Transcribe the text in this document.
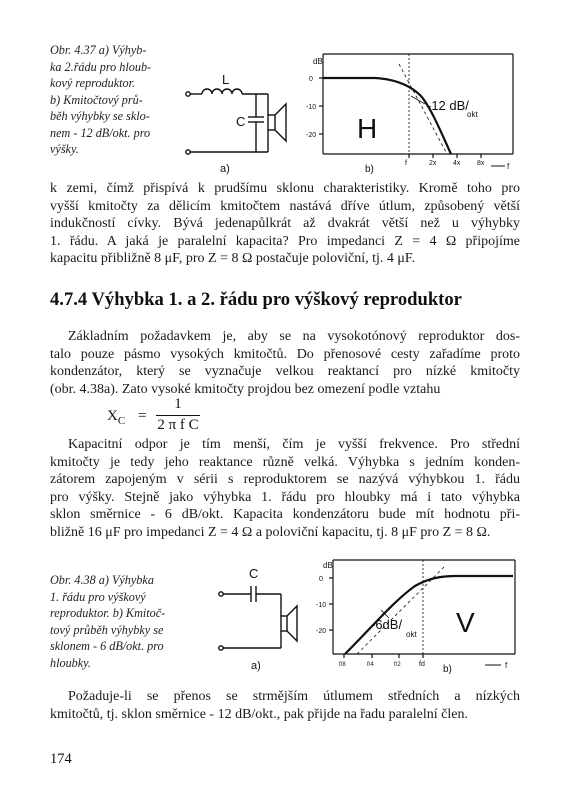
Obr. 4.37 a) Výhyb-
ka 2.řádu pro hloub-
kový reproduktor.
b) Kmitočtový prů-
běh výhybky se sklo-
nem - 12 dB/okt. pro
výšky.
L
C
a)
dB
0
-10
-20
f	2x 4x 8x	f
H
-12 dB/
okt
b)
k zemi, čímž přispívá k prudšímu sklonu charakteristiky. Kromě toho pro
vyšší kmitočty za dělicím kmitočtem nastává dříve útlum, způsobený větší
indukčností cívky. Bývá jedenapůlkrát až dvakrát větší než u výhybky
1. řádu. A jaká je paralelní kapacita? Pro impedanci Z = 4 Ω připojíme
kapacitu přibližně 8 μF, pro Z = 8 Ω postačuje poloviční, tj. 4 μF.
4.7.4 Výhybka 1. a 2. řádu pro výškový reproduktor
Základním požadavkem je, aby se na vysokotónový reproduktor dos-
talo pouze pásmo vysokých kmitočtů. Do přenosové cesty zařadíme proto
kondenzátor, který se vyznačuje velkou reaktancí pro nízké kmitočty
(obr. 4.38a). Zato vysoké kmitočty projdou bez omezení podle vztahu
$X_C$ =
1
2 π f C
Kapacitní odpor je tím menší, čím je vyšší frekvence. Pro střední
kmitočty je tedy jeho reaktance různě velká. Výhybka s jedním konden-
zátorem zapojeným v sérii s reproduktorem se nazývá výhybkou 1. řádu
pro výšky. Stejně jako výhybka 1. řádu pro hloubky má i tato výhybka
sklon směrnice - 6 dB/okt. Kapacita kondenzátoru bude mít hodnotu při-
bližně 16 μF pro impedanci Z = 4 Ω a poloviční kapacitu, tj. 8 μF pro Z = 8 Ω.
Obr. 4.38 a) Výhybka
1. řádu pro výškový
reproduktor. b) Kmitoč-
tový průběh výhybky se
sklonem - 6 dB/okt. pro
hloubky.
C
a)
dB
0
-10
-20
f/8	f/4	f/2	fd	f
V
-6dB/
okt
b)
Požaduje-li se přenos se strmějším útlumem středních a nízkých
kmitočtů, tj. sklon směrnice - 12 dB/okt., pak přijde na řadu paralelní člen.
174
